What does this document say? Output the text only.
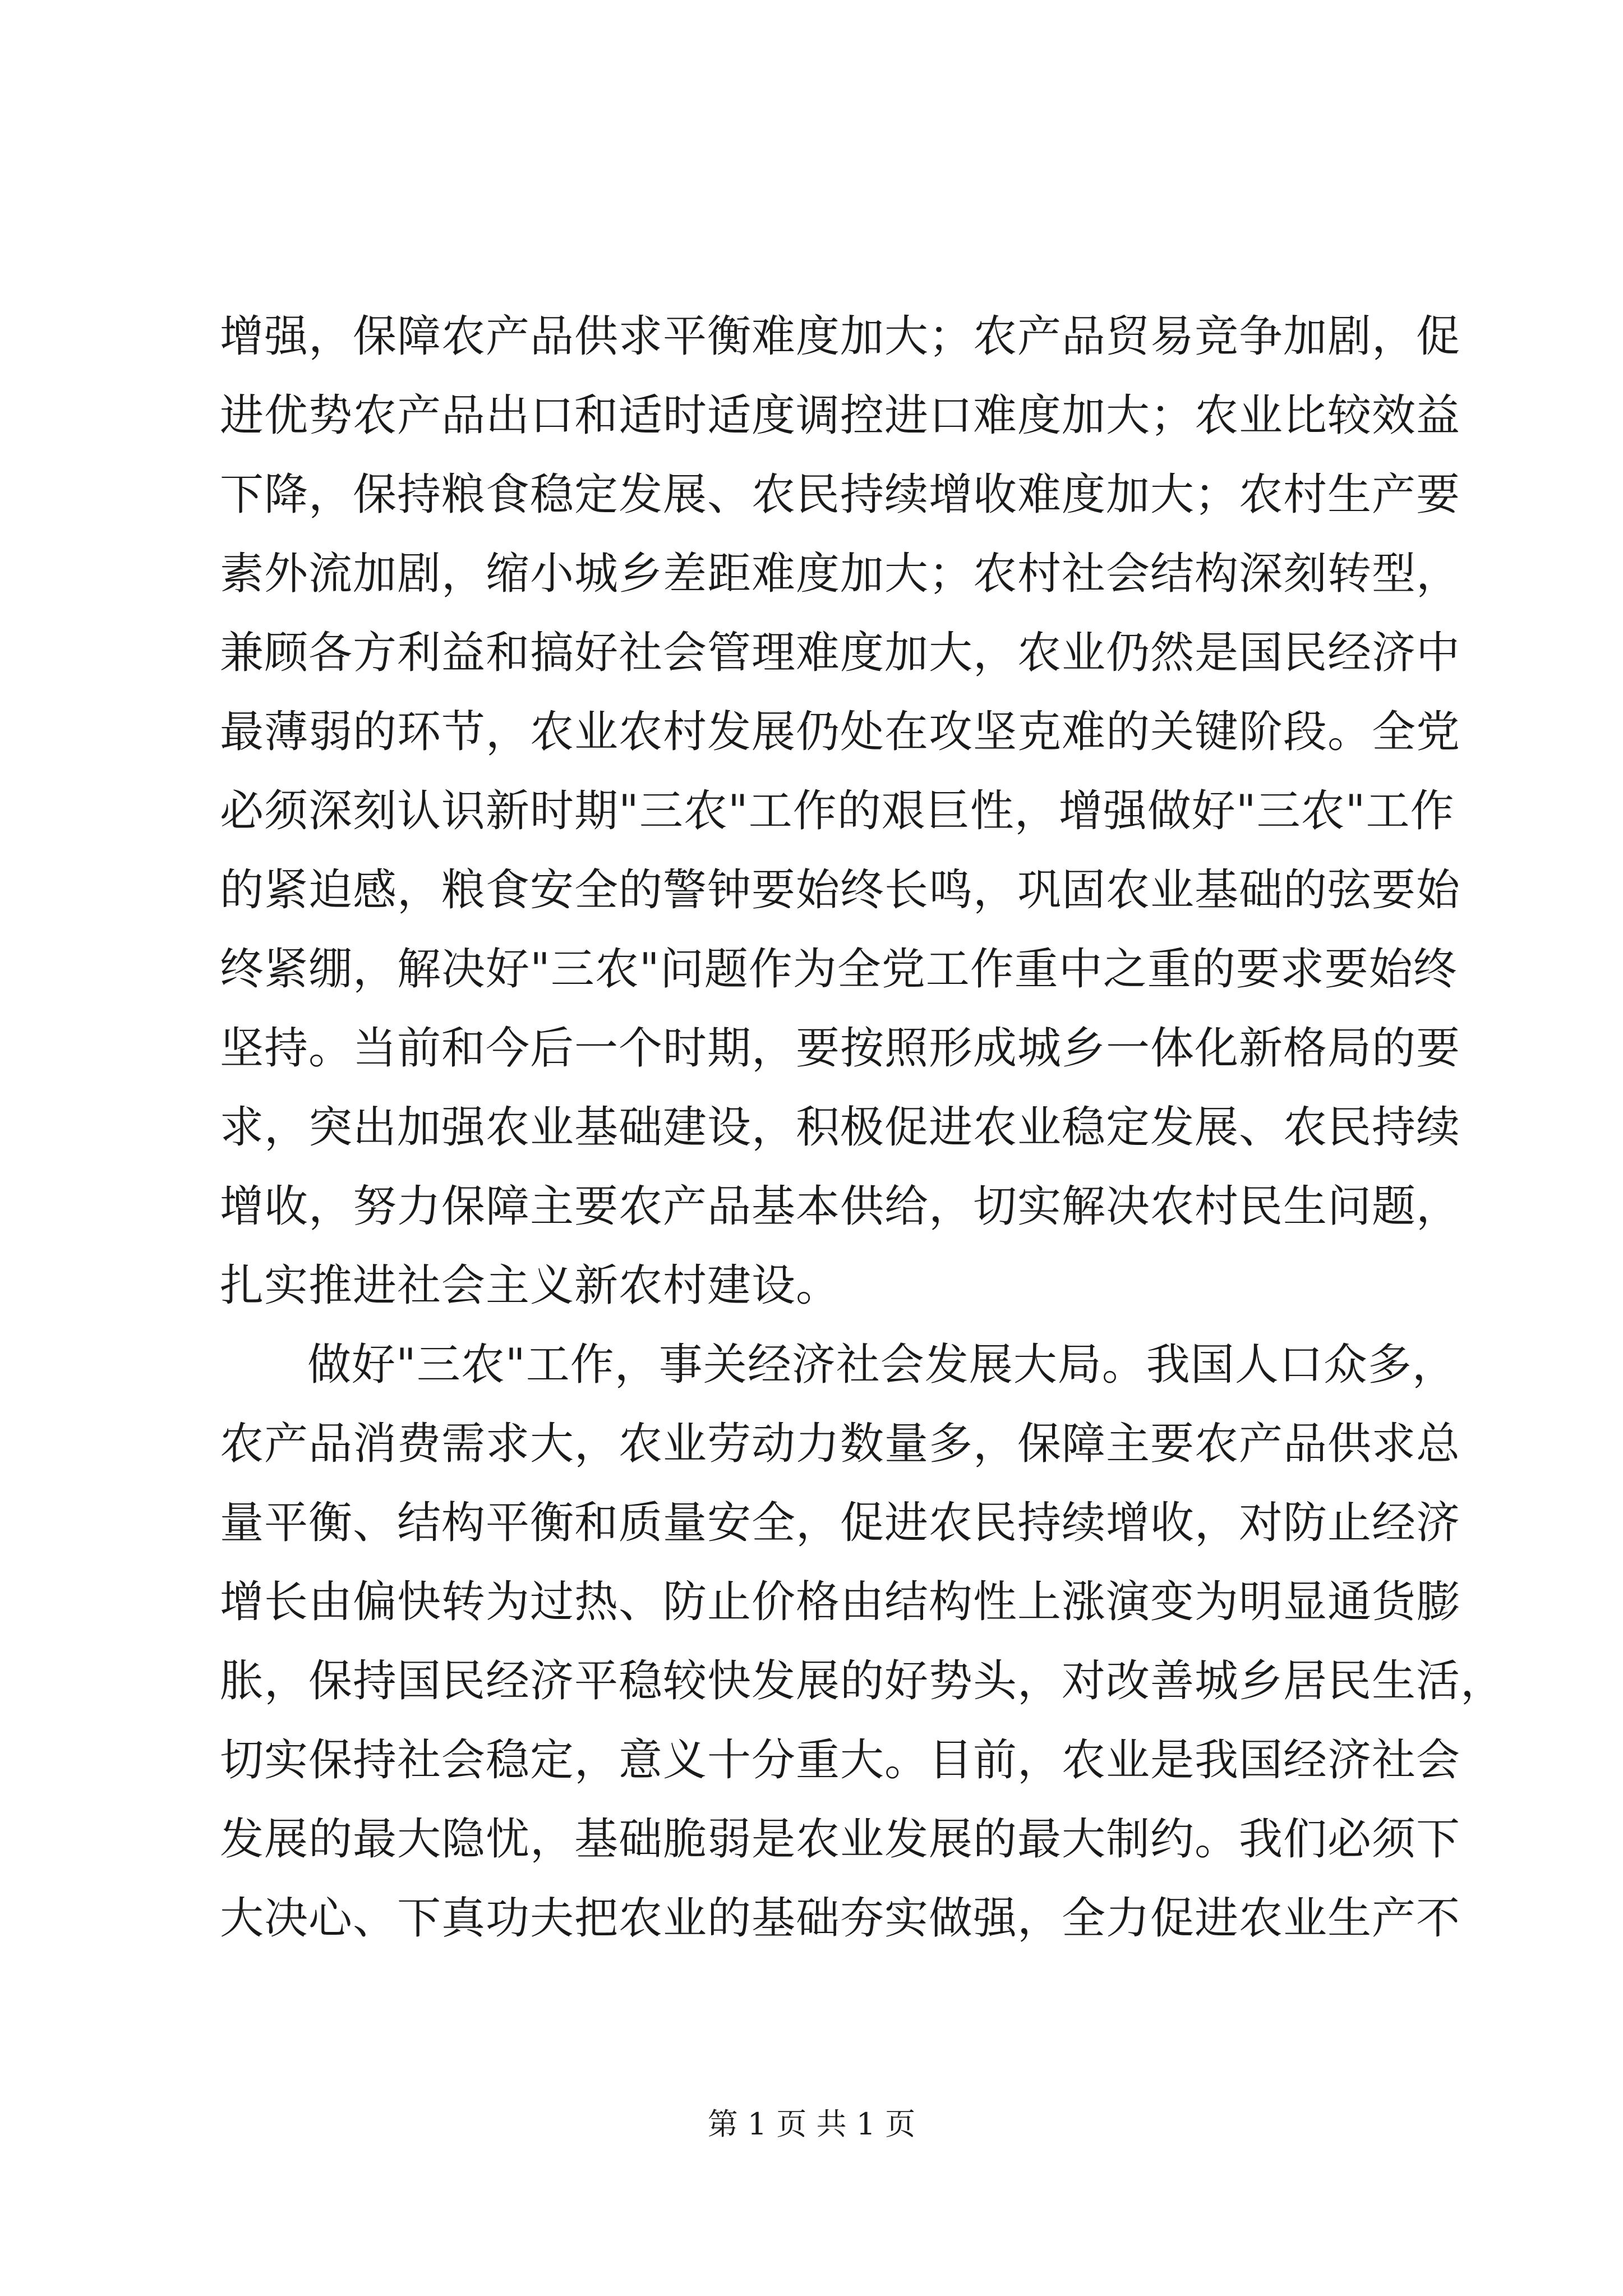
增强，保障农产品供求平衡难度加大；农产品贸易竞争加剧，促
进优势农产品出口和适时适度调控进口难度加大；农业比较效益
下降，保持粮食稳定发展、农民持续增收难度加大；农村生产要
素外流加剧，缩小城乡差距难度加大；农村社会结构深刻转型，
兼顾各方利益和搞好社会管理难度加大，农业仍然是国民经济中
最薄弱的环节，农业农村发展仍处在攻坚克难的关键阶段。全党
必须深刻认识新时期"三农"工作的艰巨性，增强做好"三农"工作
的紧迫感，粮食安全的警钟要始终长鸣，巩固农业基础的弦要始
终紧绷，解决好"三农"问题作为全党工作重中之重的要求要始终
坚持。当前和今后一个时期，要按照形成城乡一体化新格局的要
求，突出加强农业基础建设，积极促进农业稳定发展、农民持续
增收，努力保障主要农产品基本供给，切实解决农村民生问题，
扎实推进社会主义新农村建设。
做好"三农"工作，事关经济社会发展大局。我国人口众多，
农产品消费需求大，农业劳动力数量多，保障主要农产品供求总
量平衡、结构平衡和质量安全，促进农民持续增收，对防止经济
增长由偏快转为过热、防止价格由结构性上涨演变为明显通货膨
胀，保持国民经济平稳较快发展的好势头，对改善城乡居民生活，
切实保持社会稳定，意义十分重大。目前，农业是我国经济社会
发展的最大隐忧，基础脆弱是农业发展的最大制约。我们必须下
大决心、下真功夫把农业的基础夯实做强，全力促进农业生产不
第 1 页 共 1 页
